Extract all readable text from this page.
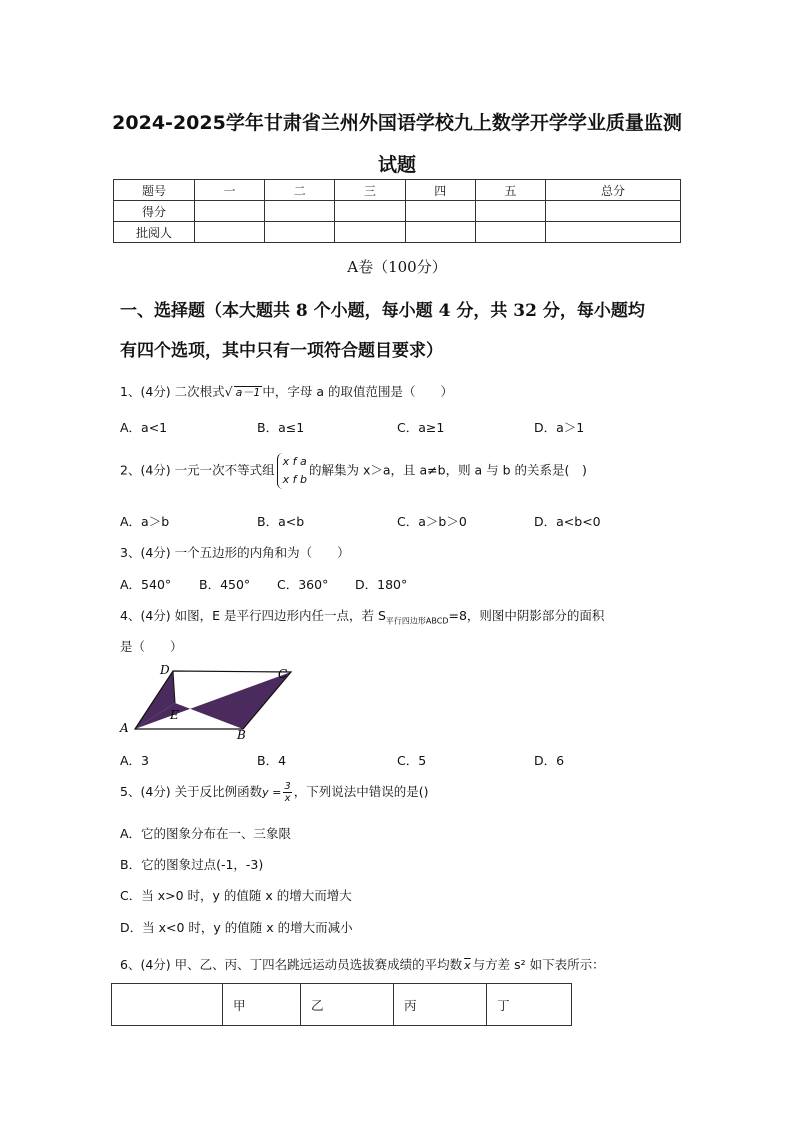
2024-2025学年甘肃省兰州外国语学校九上数学开学学业质量监测
试题
题号	一	二	三	四	五	总分
得分						
批阅人						
A卷（100分）
一、选择题（本大题共 8 个小题，每小题 4 分，共 32 分，每小题均
有四个选项，其中只有一项符合题目要求）
1、(4分) 二次根式√ a－1 中，字母 a 的取值范围是（　　）
A．a<1	B．a≤1	C．a≥1	D．a＞1
2、(4分) 一元一次不等式组
x f a
x f b
的解集为 x＞a，且 a≠b，则 a 与 b 的关系是(　)
A．a＞b	B．a<b	C．a＞b＞0	D．a<b<0
3、(4分) 一个五边形的内角和为（　　）
A．540° B．450° C．360° D．180°
4、(4分) 如图，E 是平行四边形内任一点，若 $S_{平行四边形ABCD}=8$，则图中阴影部分的面积
是（　　）
D	C
A	B
E
A．3	B．4	C．5	D．6
5、(4分) 关于反比例函数$y = \frac{3}{x}$ ，下列说法中错误的是()
A．它的图象分布在一、三象限
B．它的图象过点(-1，-3)
C．当 x>0 时，y 的值随 x 的增大而增大
D．当 x<0 时，y 的值随 x 的增大而减小
6、(4分) 甲、乙、丙、丁四名跳远运动员选拔赛成绩的平均数 $\overline{x}$ 与方差 s² 如下表所示：
	甲	乙	丙	丁
